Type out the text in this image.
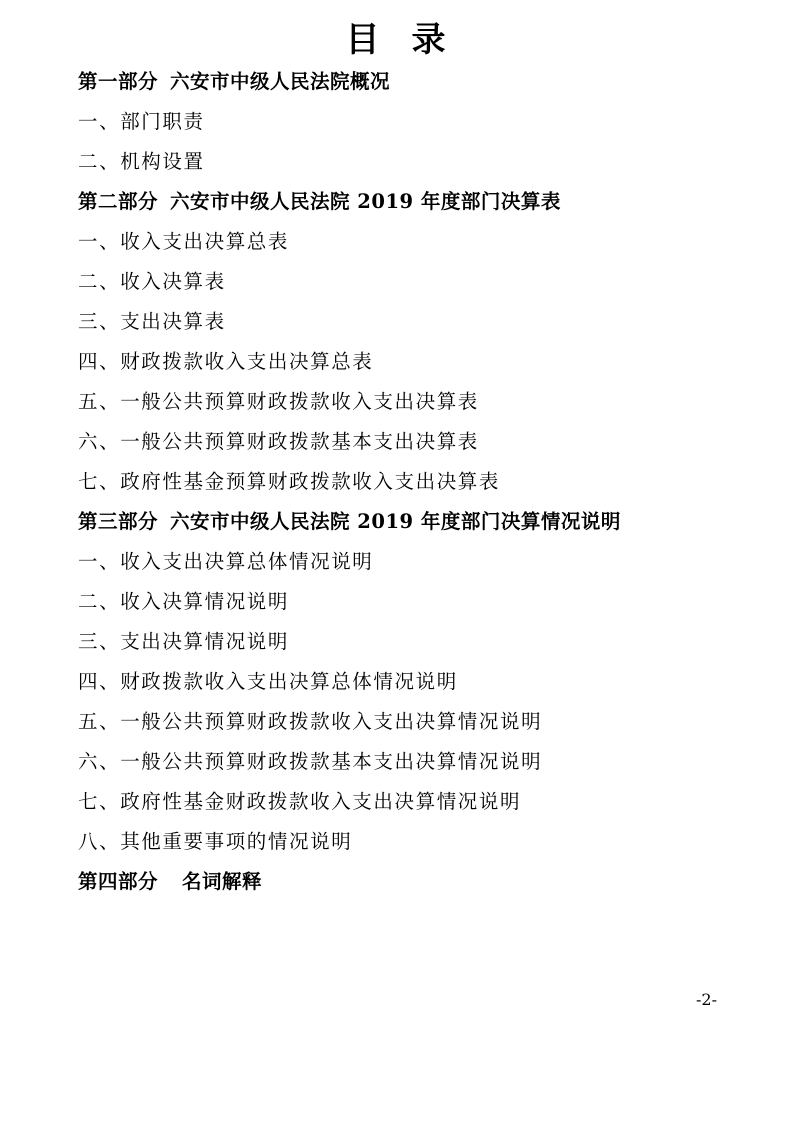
目 录
第一部分 六安市中级人民法院概况
一、部门职责
二、机构设置
第二部分 六安市中级人民法院 2019 年度部门决算表
一、收入支出决算总表
二、收入决算表
三、支出决算表
四、财政拨款收入支出决算总表
五、一般公共预算财政拨款收入支出决算表
六、一般公共预算财政拨款基本支出决算表
七、政府性基金预算财政拨款收入支出决算表
第三部分 六安市中级人民法院 2019 年度部门决算情况说明
一、收入支出决算总体情况说明
二、收入决算情况说明
三、支出决算情况说明
四、财政拨款收入支出决算总体情况说明
五、一般公共预算财政拨款收入支出决算情况说明
六、一般公共预算财政拨款基本支出决算情况说明
七、政府性基金财政拨款收入支出决算情况说明
八、其他重要事项的情况说明
第四部分 名词解释
-2-
